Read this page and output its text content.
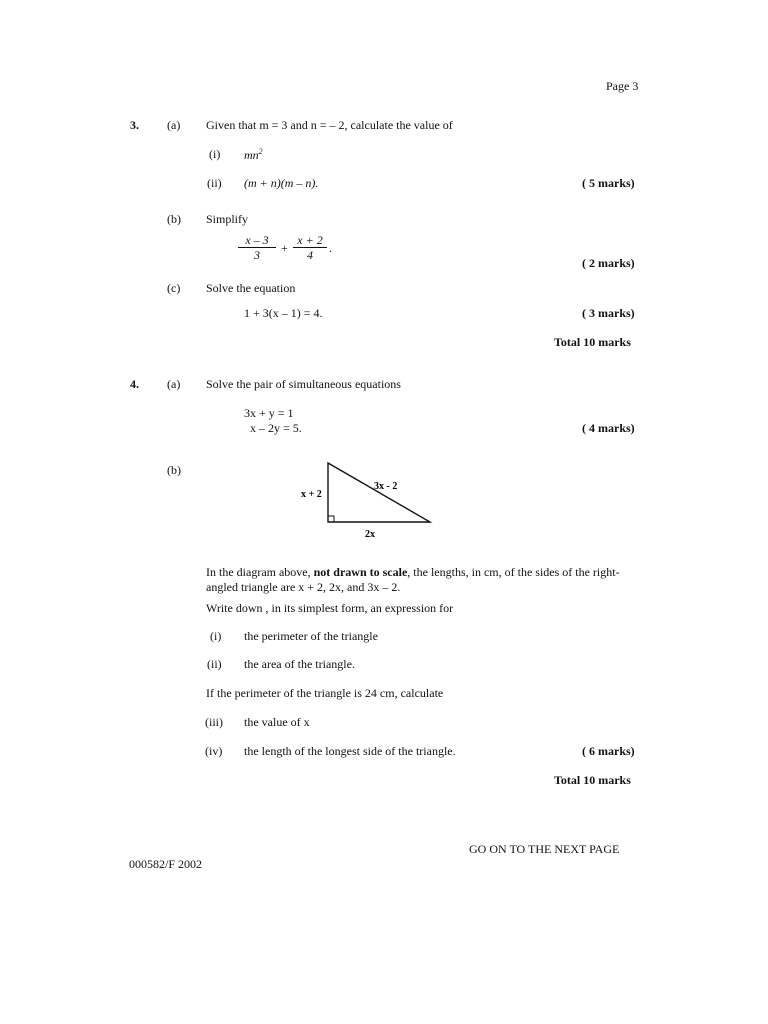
Page 3
3. (a) Given that m = 3 and n = – 2, calculate the value of
(i) $mn^2$
(ii) (m + n)(m – n).	( 5 marks)
(b) Simplify
$\frac{x - 3}{3} + \frac{x + 2}{4}$ .
( 2 marks)
(c) Solve the equation
1 + 3(x – 1) = 4.	( 3 marks)
Total 10 marks
4. (a) Solve the pair of simultaneous equations
3x + y = 1
x – 2y = 5.	( 4 marks)
(b)
x + 2
3x - 2
2x
In the diagram above, not drawn to scale, the lengths, in cm, of the sides of the right-
angled triangle are x + 2, 2x, and 3x – 2.
Write down , in its simplest form, an expression for
(i) the perimeter of the triangle
(ii) the area of the triangle.
If the perimeter of the triangle is 24 cm, calculate
(iii) the value of x
(iv) the length of the longest side of the triangle.	( 6 marks)
Total 10 marks
GO ON TO THE NEXT PAGE
000582/F 2002
